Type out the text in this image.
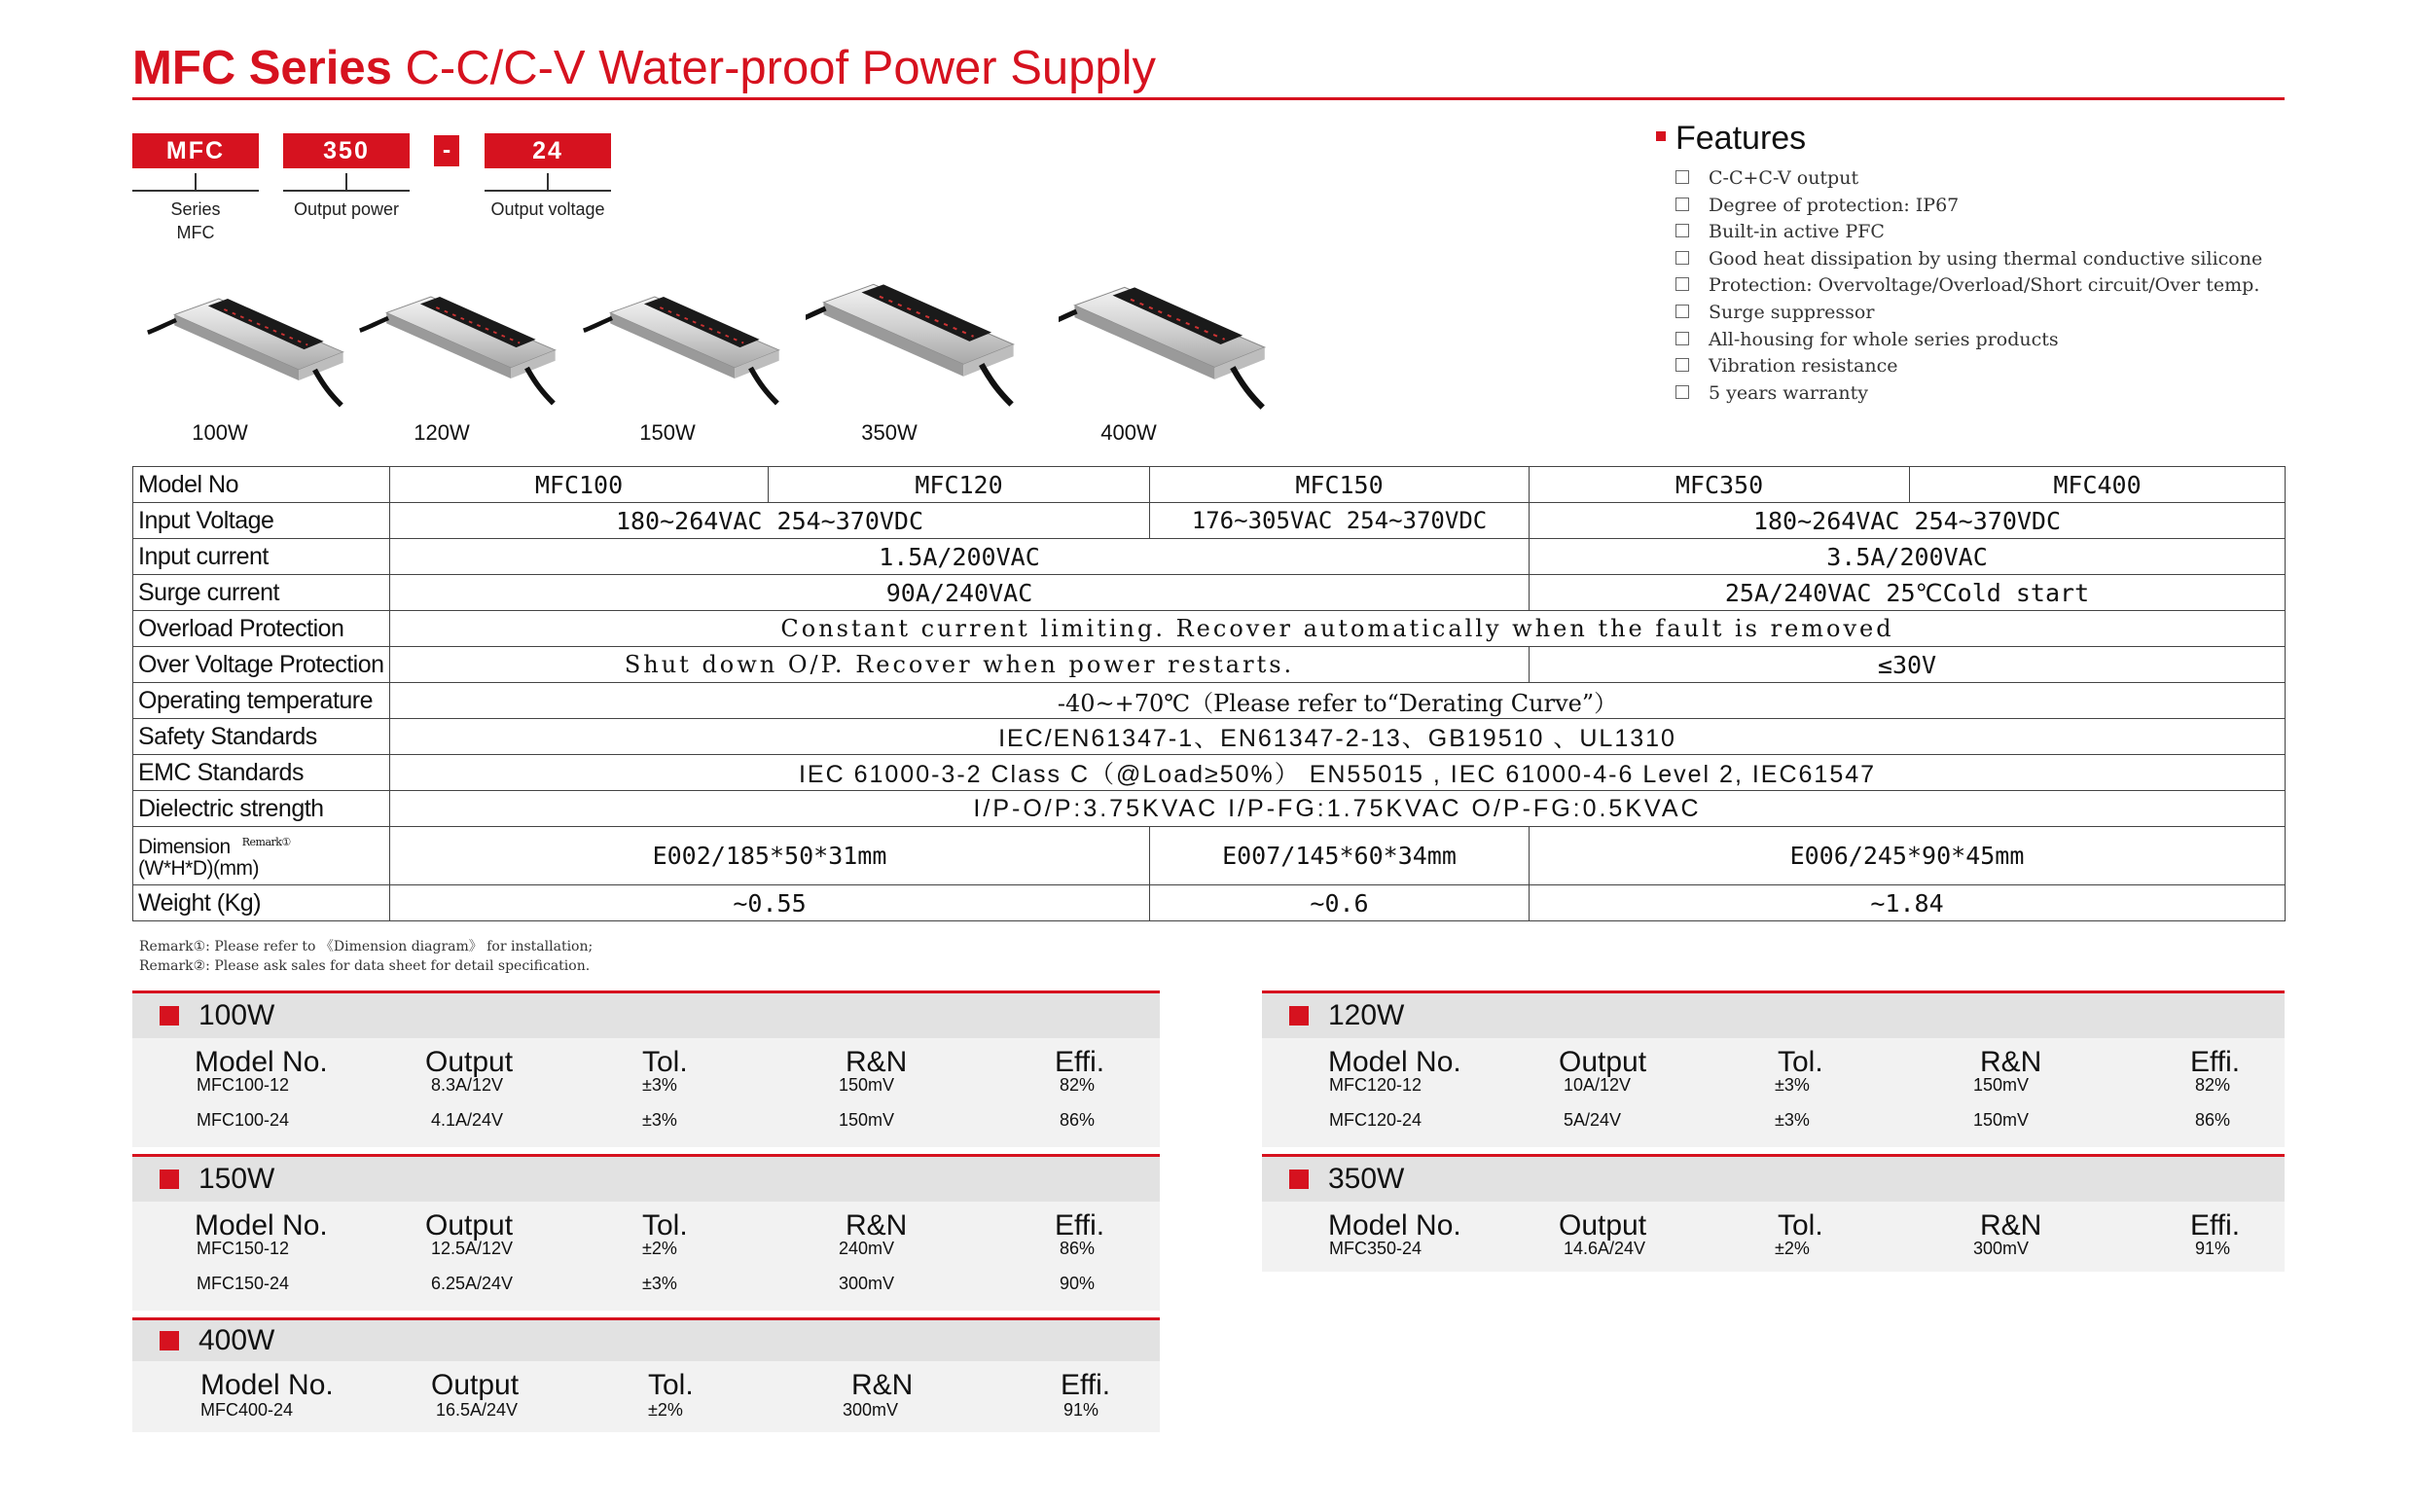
MFC Series C-C/C-V Water-proof Power Supply
MFC	350	-	24
Series
MFC
Output power	Output voltage
100W	120W	150W	350W	400W
Features
C-C+C-V output
Degree of protection: IP67
Built-in active PFC
Good heat dissipation by using thermal conductive silicone
Protection: Overvoltage/Overload/Short circuit/Over temp.
Surge suppressor
All-housing for whole series products
Vibration resistance
5 years warranty
Model No	MFC100	MFC120	MFC150	MFC350	MFC400
Input Voltage	180~264VAC 254~370VDC		176~305VAC 254~370VDC	180~264VAC 254~370VDC	
Input current	1.5A/200VAC			3.5A/200VAC	
Surge current	90A/240VAC			25A/240VAC 25℃Cold start	
Overload Protection	Constant current limiting. Recover automatically when the fault is removed				
Over Voltage Protection	Shut down O/P. Recover when power restarts.			≤30V	
Operating temperature	-40~+70℃（Please refer to“Derating Curve”）				
Safety Standards	IEC/EN61347-1、EN61347-2-13、GB19510 、UL1310				
EMC Standards	IEC 61000-3-2 Class C（@Load≥50%） EN55015 , IEC 61000-4-6 Level 2, IEC61547				
Dielectric strength	I/P-O/P:3.75KVAC I/P-FG:1.75KVAC O/P-FG:0.5KVAC				
Dimension $^{Remark①}$
(W*H*D)(mm)	E002/185*50*31mm		E007/145*60*34mm	E006/245*90*45mm	
Weight (Kg)	~0.55		~0.6	~1.84	
Remark①: Please refer to 《Dimension diagram》 for installation;
Remark②: Please ask sales for data sheet for detail specification.
100W
Model No.	Output	Tol.	R&N	Effi.
MFC100-12	8.3A/12V	±3%	150mV	82%
MFC100-24	4.1A/24V	±3%	150mV	86%
120W
Model No.	Output	Tol.	R&N	Effi.
MFC120-12	10A/12V	±3%	150mV	82%
MFC120-24	5A/24V	±3%	150mV	86%
150W
Model No.	Output	Tol.	R&N	Effi.
MFC150-12	12.5A/12V	±2%	240mV	86%
MFC150-24	6.25A/24V	±3%	300mV	90%
350W
Model No.	Output	Tol.	R&N	Effi.
MFC350-24	14.6A/24V	±2%	300mV	91%
400W
Model No.	Output	Tol.	R&N	Effi.
MFC400-24	16.5A/24V	±2%	300mV	91%
